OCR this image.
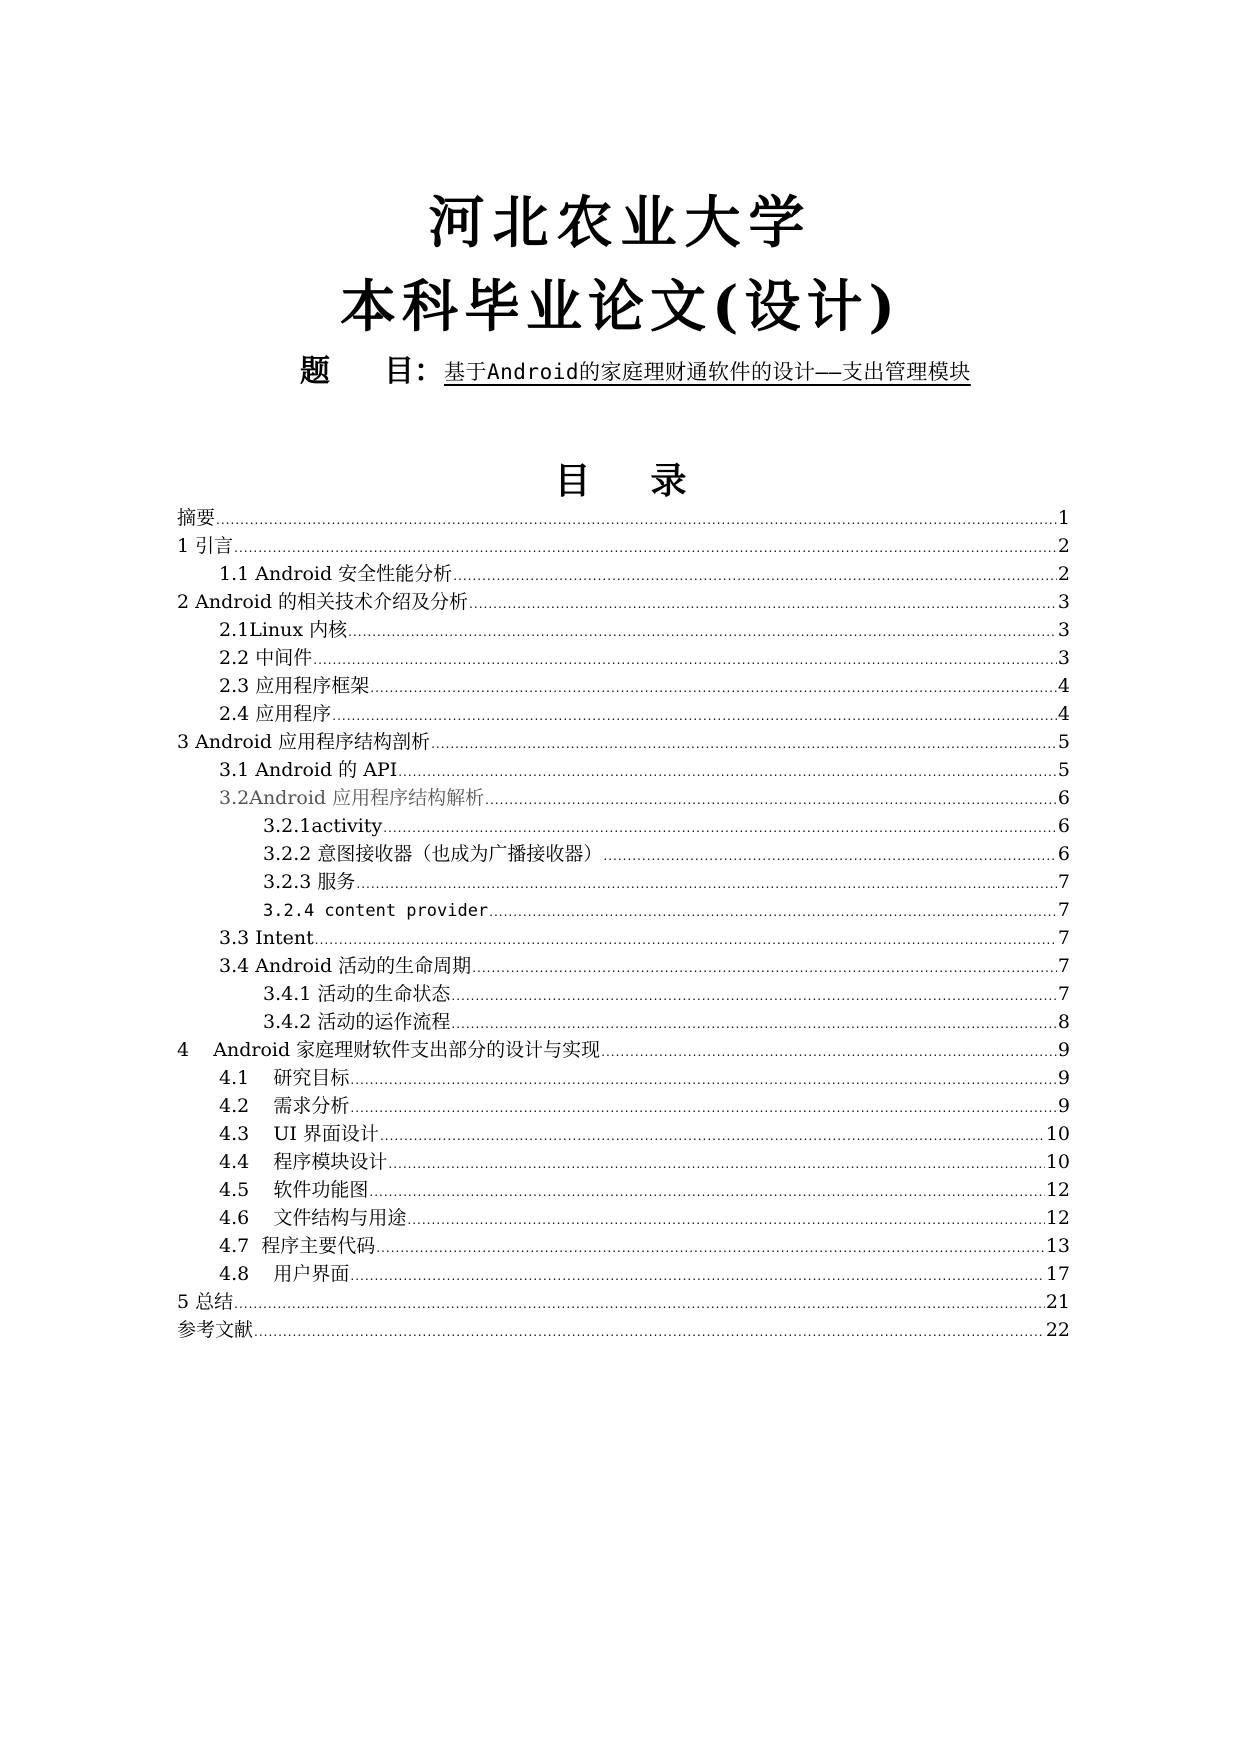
河北农业大学
本科毕业论文(设计)
题 目：基于Android的家庭理财通软件的设计——支出管理模块
目 录
摘要 .....	1
1 引言 .....	2
1.1 Android 安全性能分析 .....	2
2 Android 的相关技术介绍及分析 .....	3
2.1Linux 内核 .....	3
2.2 中间件 .....	3
2.3 应用程序框架 .....	4
2.4 应用程序 .....	4
3 Android 应用程序结构剖析 .....	5
3.1 Android 的 API .....	5
3.2Android 应用程序结构解析 .....	6
3.2.1activity .....	6
3.2.2 意图接收器（也成为广播接收器） .....	6
3.2.3 服务 .....	7
3.2.4 content provider .....	7
3.3 Intent .....	7
3.4 Android 活动的生命周期 .....	7
3.4.1 活动的生命状态 .....	7
3.4.2 活动的运作流程 .....	8
4    Android 家庭理财软件支出部分的设计与实现 .....	9
4.1    研究目标 .....	9
4.2    需求分析 .....	9
4.3    UI 界面设计 .....	10
4.4    程序模块设计 .....	10
4.5    软件功能图 .....	12
4.6    文件结构与用途 .....	12
4.7  程序主要代码 .....	13
4.8    用户界面 .....	17
5 总结 .....	21
参考文献 .....	22
